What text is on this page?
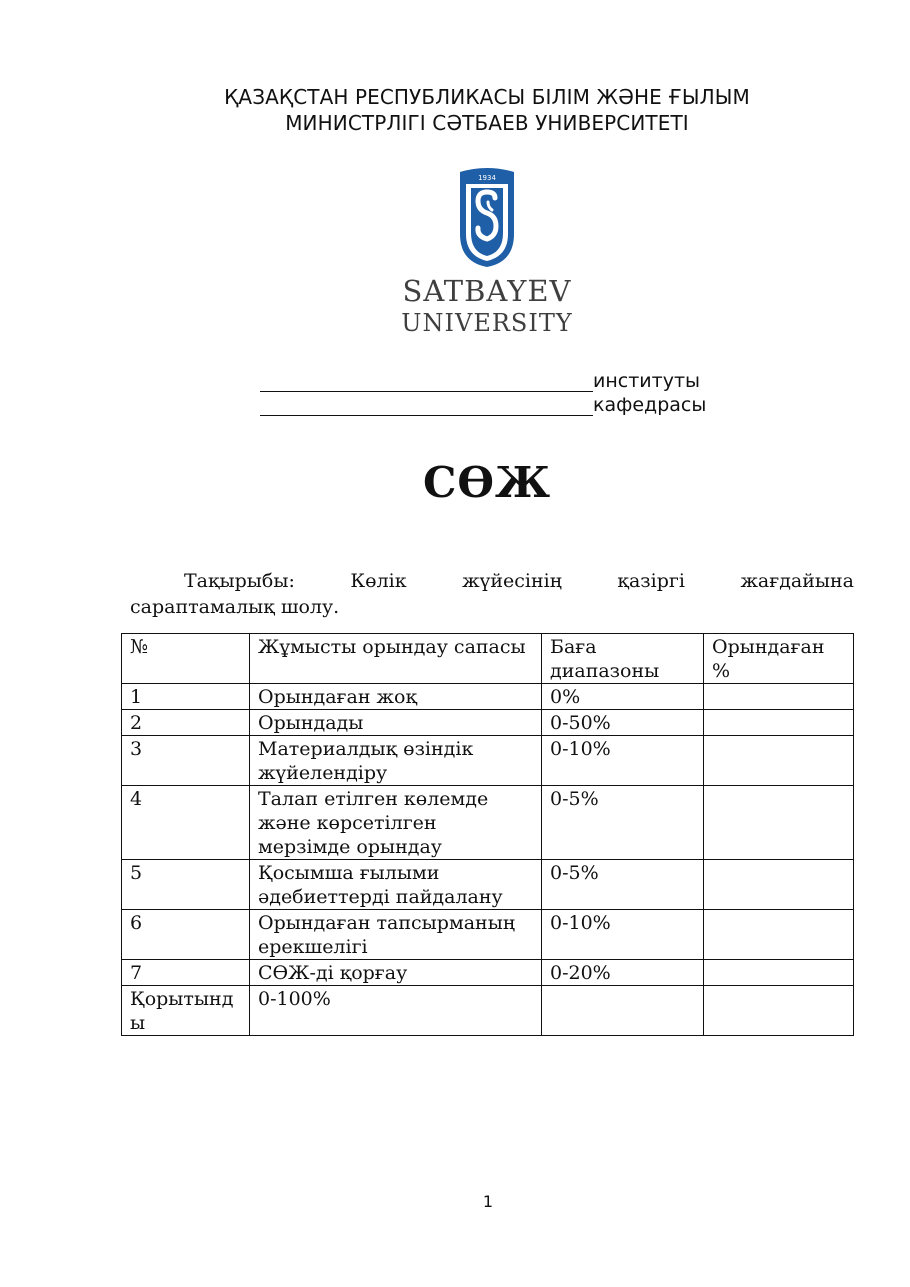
ҚАЗАҚСТАН РЕСПУБЛИКАСЫ БІЛІМ ЖӘНЕ ҒЫЛЫМ
МИНИСТРЛІГІ СӘТБАЕВ УНИВЕРСИТЕТІ
1934
SATBAYEV
UNIVERSITY
институты
кафедрасы
СӨЖ
Тақырыбы: Көлік жүйесінің қазіргі жағдайына
сараптамалық шолу.
№	Жұмысты орындау сапасы	Баға диапазоны	Орындаған %
1	Орындаған жоқ	0%	
2	Орындады	0-50%	
3	Материалдық өзіндік жүйелендіру	0-10%	
4	Талап етілген көлемде және көрсетілген мерзімде орындау	0-5%	
5	Қосымша ғылыми әдебиеттерді пайдалану	0-5%	
6	Орындаған тапсырманың ерекшелігі	0-10%	
7	СӨЖ-ді қорғау	0-20%	
Қорытынды	0-100%		
1
